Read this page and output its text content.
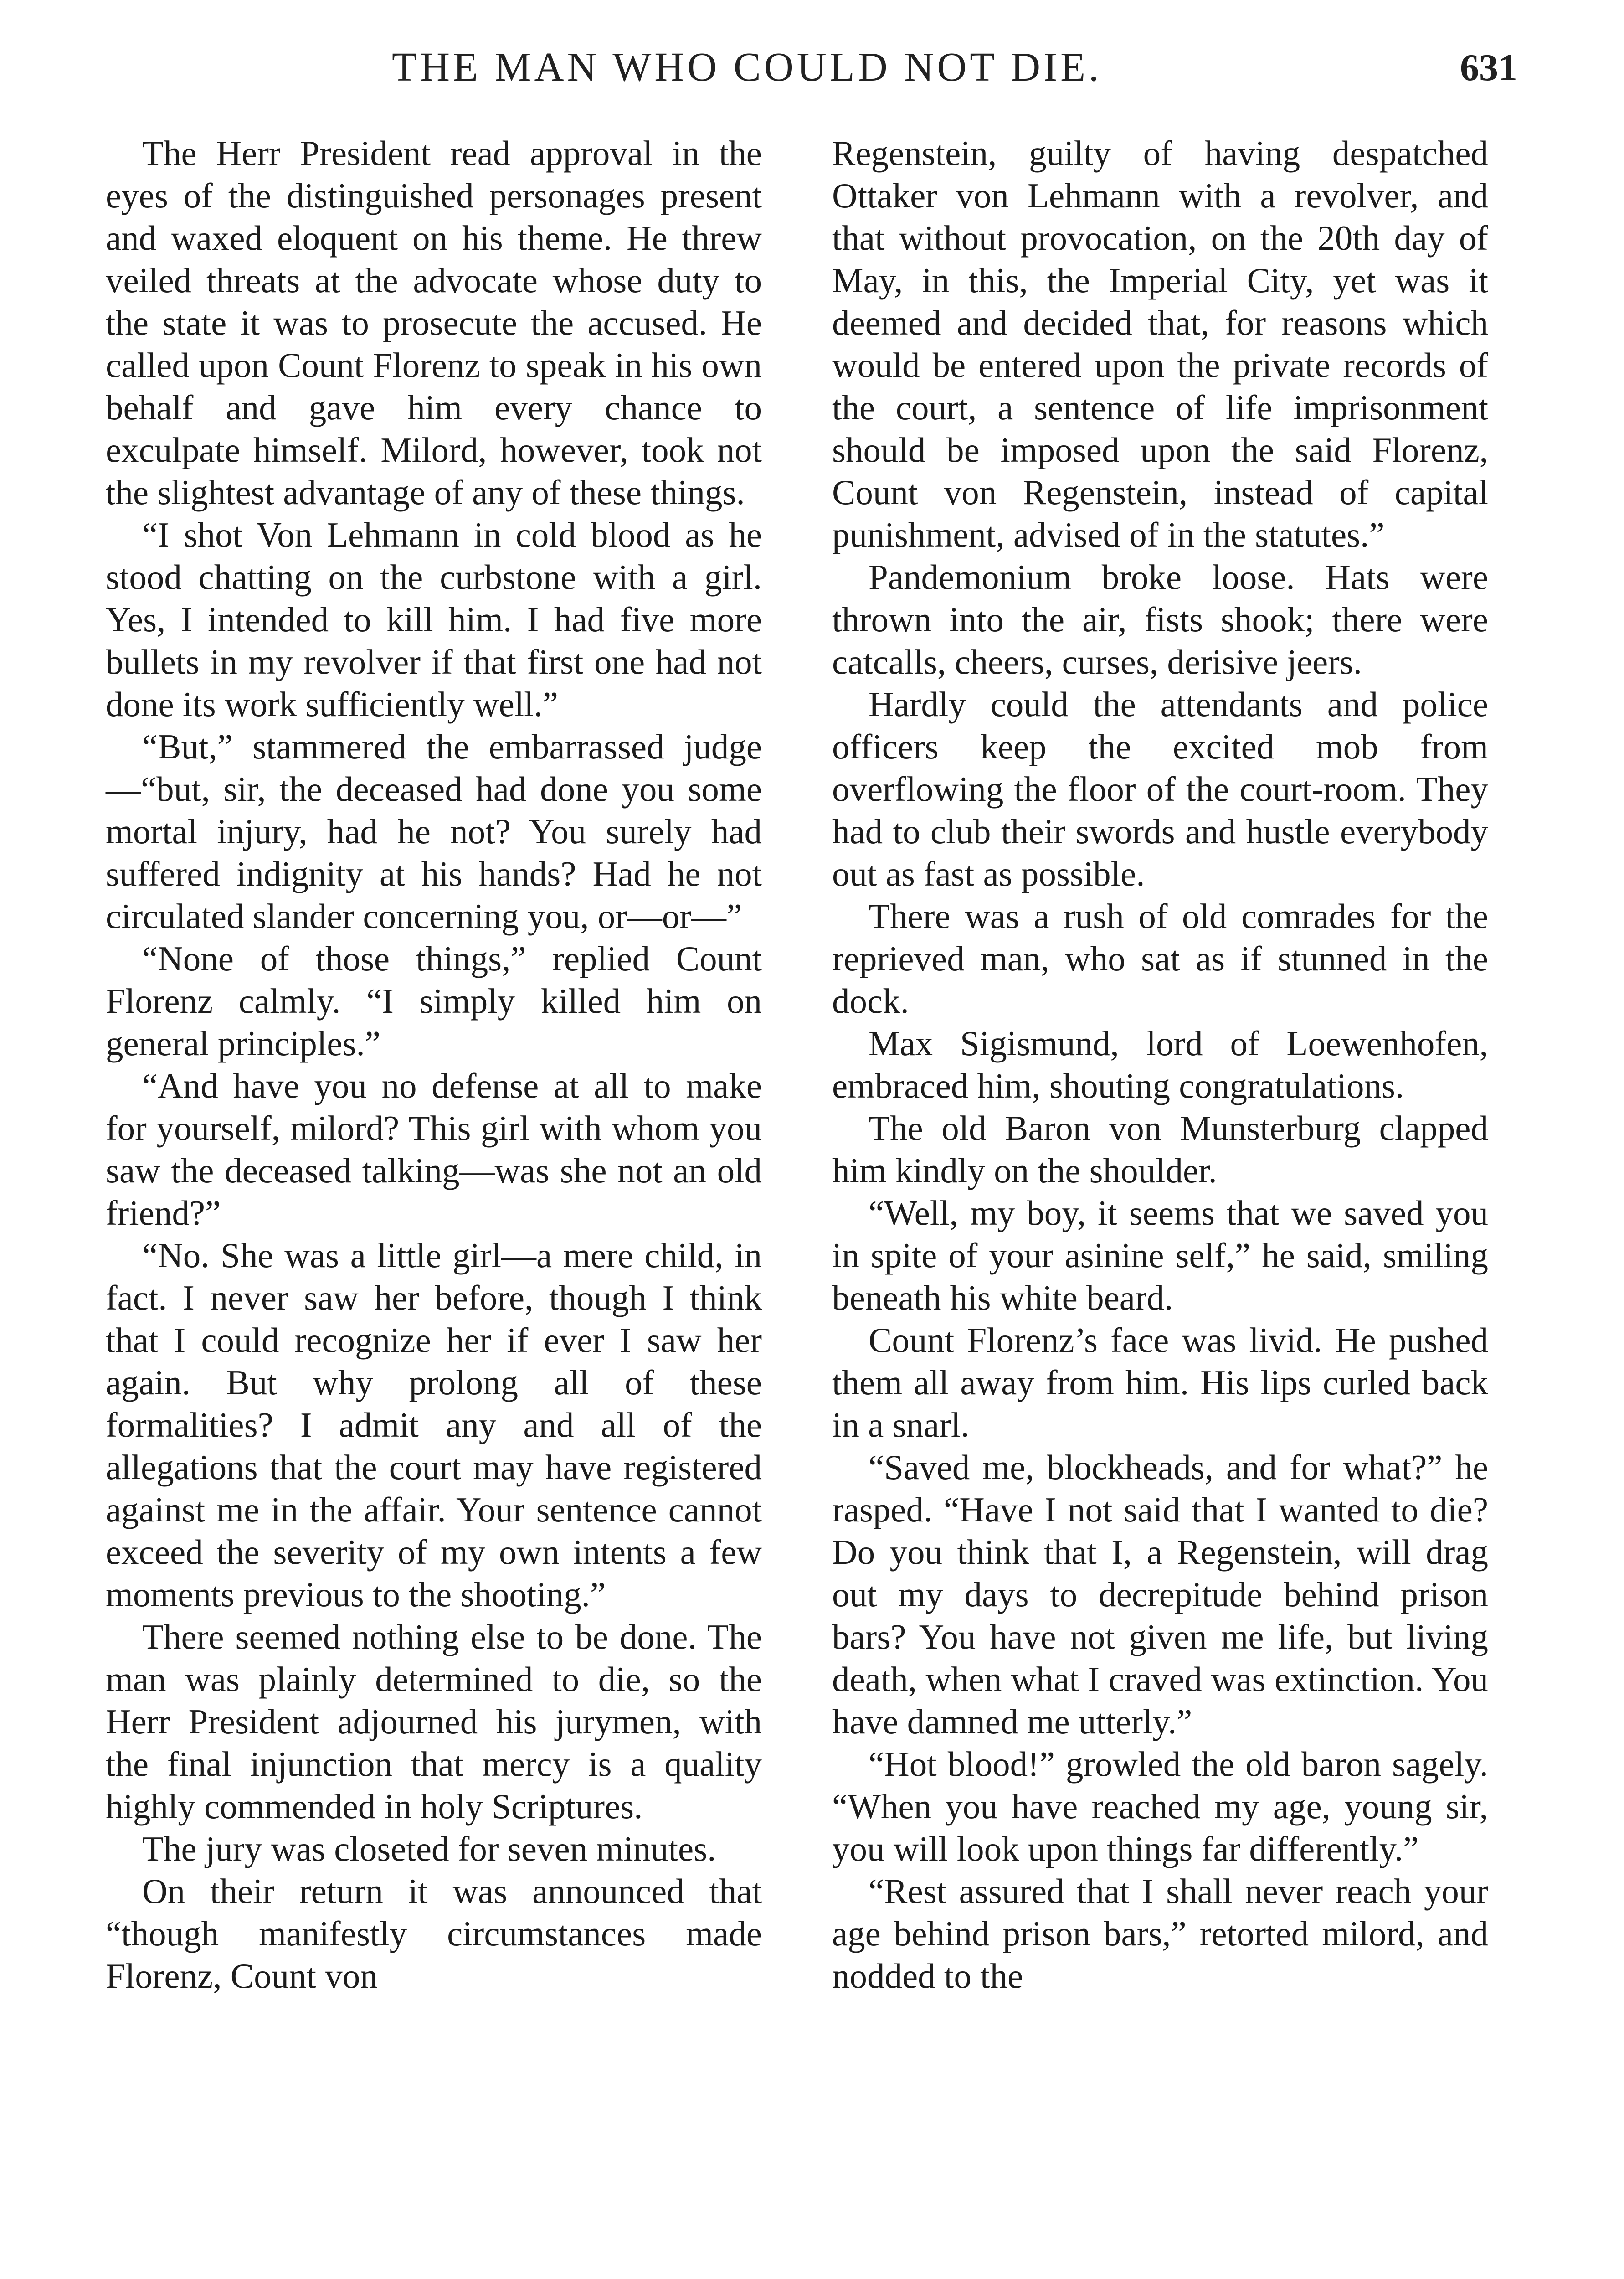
THE MAN WHO COULD NOT DIE.	631

The Herr President read approval in the eyes of the distinguished personages present and waxed eloquent on his theme. He threw veiled threats at the advocate whose duty to the state it was to prosecute the accused. He called upon Count Florenz to speak in his own behalf and gave him every chance to exculpate himself. Milord, however, took not the slightest advantage of any of these things.

“I shot Von Lehmann in cold blood as he stood chatting on the curbstone with a girl. Yes, I intended to kill him. I had five more bullets in my revolver if that first one had not done its work sufficiently well.”

“But,” stammered the embarrassed judge—“but, sir, the deceased had done you some mortal injury, had he not? You surely had suffered indignity at his hands? Had he not circulated slander concerning you, or—or—”

“None of those things,” replied Count Florenz calmly. “I simply killed him on general principles.”

“And have you no defense at all to make for yourself, milord? This girl with whom you saw the deceased talking—was she not an old friend?”

“No. She was a little girl—a mere child, in fact. I never saw her before, though I think that I could recognize her if ever I saw her again. But why prolong all of these formalities? I admit any and all of the allegations that the court may have registered against me in the affair. Your sentence cannot exceed the severity of my own intents a few moments previous to the shooting.”

There seemed nothing else to be done. The man was plainly determined to die, so the Herr President adjourned his jurymen, with the final injunction that mercy is a quality highly commended in holy Scriptures.

The jury was closeted for seven minutes.

On their return it was announced that “though manifestly circumstances made Florenz, Count von

Regenstein, guilty of having despatched Ottaker von Lehmann with a revolver, and that without provocation, on the 20th day of May, in this, the Imperial City, yet was it deemed and decided that, for reasons which would be entered upon the private records of the court, a sentence of life imprisonment should be imposed upon the said Florenz, Count von Regenstein, instead of capital punishment, advised of in the statutes.”

Pandemonium broke loose. Hats were thrown into the air, fists shook; there were catcalls, cheers, curses, derisive jeers.

Hardly could the attendants and police officers keep the excited mob from overflowing the floor of the court-room. They had to club their swords and hustle everybody out as fast as possible.

There was a rush of old comrades for the reprieved man, who sat as if stunned in the dock.

Max Sigismund, lord of Loewenhofen, embraced him, shouting congratulations.

The old Baron von Munsterburg clapped him kindly on the shoulder.

“Well, my boy, it seems that we saved you in spite of your asinine self,” he said, smiling beneath his white beard.

Count Florenz’s face was livid. He pushed them all away from him. His lips curled back in a snarl.

“Saved me, blockheads, and for what?” he rasped. “Have I not said that I wanted to die? Do you think that I, a Regenstein, will drag out my days to decrepitude behind prison bars? You have not given me life, but living death, when what I craved was extinction. You have damned me utterly.”

“Hot blood!” growled the old baron sagely. “When you have reached my age, young sir, you will look upon things far differently.”

“Rest assured that I shall never reach your age behind prison bars,” retorted milord, and nodded to the
